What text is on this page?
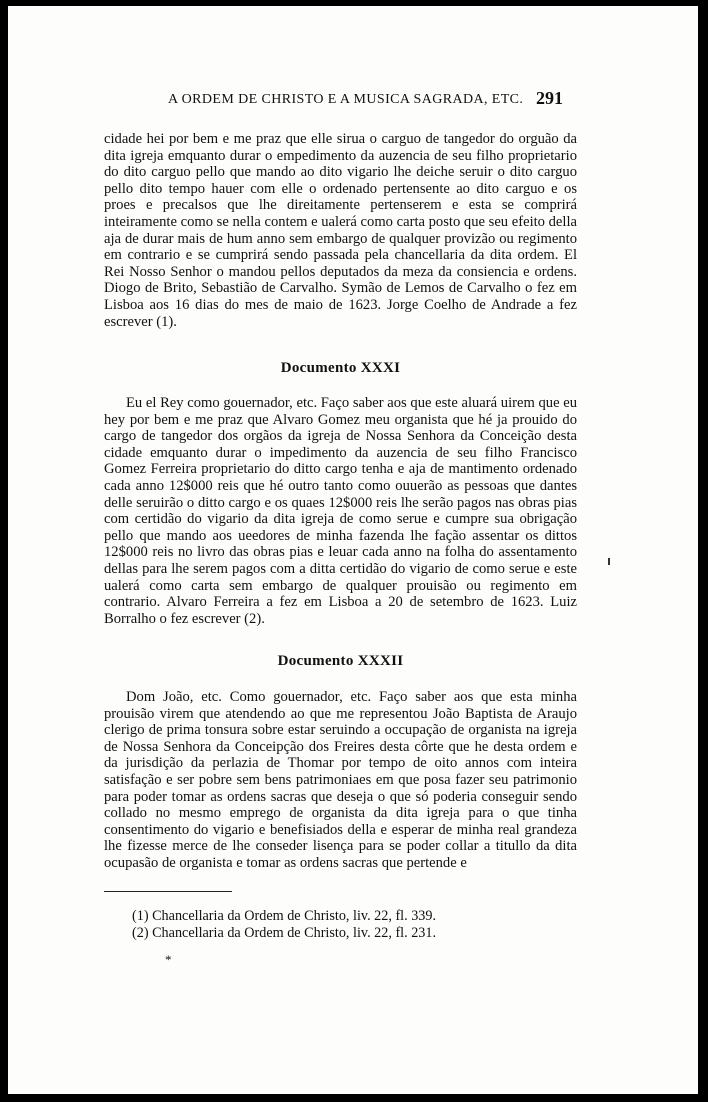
A ORDEM DE CHRISTO E A MUSICA SAGRADA, ETC. 291

cidade hei por bem e me praz que elle sirua o carguo de tangedor do orguão da dita igreja emquanto durar o empedimento da auzencia de seu filho proprietario do dito carguo pello que mando ao dito vigario lhe deiche seruir o dito carguo pello dito tempo hauer com elle o ordenado pertensente ao dito carguo e os proes e precalsos que lhe direitamente pertenserem e esta se comprirá inteiramente como se nella contem e ualerá como carta posto que seu efeito della aja de durar mais de hum anno sem embargo de qualquer provizão ou regimento em contrario e se cumprirá sendo passada pela chancellaria da dita ordem. El Rei Nosso Senhor o mandou pellos deputados da meza da consiencia e ordens. Diogo de Brito, Sebastião de Carvalho. Symão de Lemos de Carvalho o fez em Lisboa aos 16 dias do mes de maio de 1623. Jorge Coelho de Andrade a fez escrever (1).

Documento XXXI

Eu el Rey como gouernador, etc. Faço saber aos que este aluará uirem que eu hey por bem e me praz que Alvaro Gomez meu organista que hé ja prouido do cargo de tangedor dos orgãos da igreja de Nossa Senhora da Conceição desta cidade emquanto durar o impedimento da auzencia de seu filho Francisco Gomez Ferreira proprietario do ditto cargo tenha e aja de mantimento ordenado cada anno 12$000 reis que hé outro tanto como ouuerão as pessoas que dantes delle seruirão o ditto cargo e os quaes 12$000 reis lhe serão pagos nas obras pias com certidão do vigario da dita igreja de como serue e cumpre sua obrigação pello que mando aos ueedores de minha fazenda lhe fação assentar os dittos 12$000 reis no livro das obras pias e leuar cada anno na folha do assentamento dellas para lhe serem pagos com a ditta certidão do vigario de como serue e este ualerá como carta sem embargo de qualquer prouisão ou regimento em contrario. Alvaro Ferreira a fez em Lisboa a 20 de setembro de 1623. Luiz Borralho o fez escrever (2).

Documento XXXII

Dom João, etc. Como gouernador, etc. Faço saber aos que esta minha prouisão virem que atendendo ao que me representou João Baptista de Araujo clerigo de prima tonsura sobre estar seruindo a occupação de organista na igreja de Nossa Senhora da Conceipção dos Freires desta côrte que he desta ordem e da jurisdição da perlazia de Thomar por tempo de oito annos com inteira satisfação e ser pobre sem bens patrimoniaes em que posa fazer seu patrimonio para poder tomar as ordens sacras que deseja o que só poderia conseguir sendo collado no mesmo emprego de organista da dita igreja para o que tinha consentimento do vigario e benefisiados della e esperar de minha real grandeza lhe fizesse merce de lhe conseder lisença para se poder collar a titullo da dita ocupasão de organista e tomar as ordens sacras que pertende e

(1) Chancellaria da Ordem de Christo, liv. 22, fl. 339.
(2) Chancellaria da Ordem de Christo, liv. 22, fl. 231.
*
